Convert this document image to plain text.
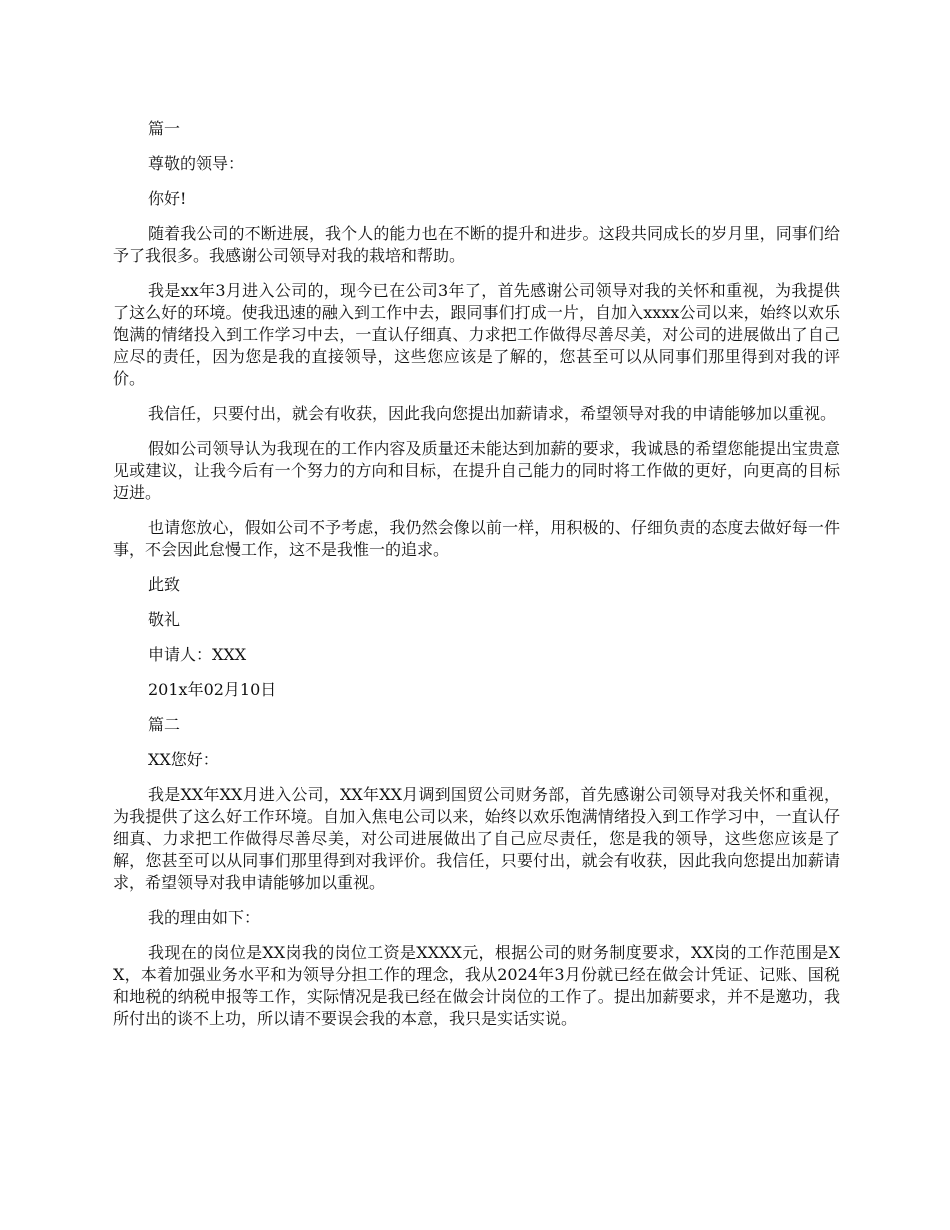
篇一

尊敬的领导：

你好!

随着我公司的不断进展，我个人的能力也在不断的提升和进步。这段共同成长的岁月里，同事们给予了我很多。我感谢公司领导对我的栽培和帮助。

我是xx年3月进入公司的，现今已在公司3年了，首先感谢公司领导对我的关怀和重视，为我提供了这么好的环境。使我迅速的融入到工作中去，跟同事们打成一片，自加入xxxx公司以来，始终以欢乐饱满的情绪投入到工作学习中去，一直认仔细真、力求把工作做得尽善尽美，对公司的进展做出了自己应尽的责任，因为您是我的直接领导，这些您应该是了解的，您甚至可以从同事们那里得到对我的评价。

我信任，只要付出，就会有收获，因此我向您提出加薪请求，希望领导对我的申请能够加以重视。

假如公司领导认为我现在的工作内容及质量还未能达到加薪的要求，我诚恳的希望您能提出宝贵意见或建议，让我今后有一个努力的方向和目标，在提升自己能力的同时将工作做的更好，向更高的目标迈进。

也请您放心，假如公司不予考虑，我仍然会像以前一样，用积极的、仔细负责的态度去做好每一件事，不会因此怠慢工作，这不是我惟一的追求。

此致

敬礼

申请人：XXX

201x年02月10日

篇二

XX您好：

我是XX年XX月进入公司，XX年XX月调到国贸公司财务部，首先感谢公司领导对我关怀和重视，为我提供了这么好工作环境。自加入焦电公司以来，始终以欢乐饱满情绪投入到工作学习中，一直认仔细真、力求把工作做得尽善尽美，对公司进展做出了自己应尽责任，您是我的领导，这些您应该是了解，您甚至可以从同事们那里得到对我评价。我信任，只要付出，就会有收获，因此我向您提出加薪请求，希望领导对我申请能够加以重视。

我的理由如下：

我现在的岗位是XX岗我的岗位工资是XXXX元，根据公司的财务制度要求，XX岗的工作范围是XX，本着加强业务水平和为领导分担工作的理念，我从2024年3月份就已经在做会计凭证、记账、国税和地税的纳税申报等工作，实际情况是我已经在做会计岗位的工作了。提出加薪要求，并不是邀功，我所付出的谈不上功，所以请不要误会我的本意，我只是实话实说。
